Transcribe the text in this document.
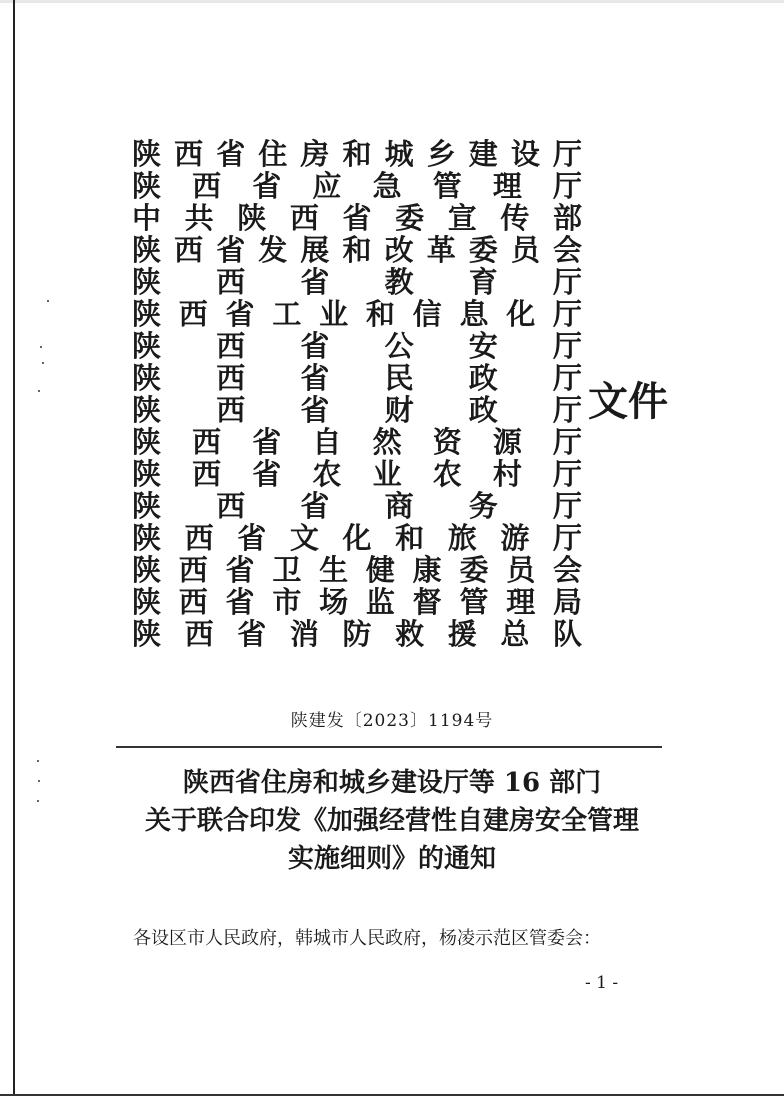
陕 西 省 住 房 和 城 乡 建 设 厅
陕 西 省 应 急 管 理 厅
中 共 陕 西 省 委 宣 传 部
陕 西 省 发 展 和 改 革 委 员 会
陕 西 省 教 育 厅
陕 西 省 工 业 和 信 息 化 厅
陕 西 省 公 安 厅
陕 西 省 民 政 厅
陕 西 省 财 政 厅
陕 西 省 自 然 资 源 厅
陕 西 省 农 业 农 村 厅
陕 西 省 商 务 厅
陕 西 省 文 化 和 旅 游 厅
陕 西 省 卫 生 健 康 委 员 会
陕 西 省 市 场 监 督 管 理 局
陕 西 省 消 防 救 援 总 队
文件
陕建发〔2023〕1194号
陕西省住房和城乡建设厅等 16 部门
关于联合印发《加强经营性自建房安全管理
实施细则》的通知
各设区市人民政府，韩城市人民政府，杨凌示范区管委会：
- 1 -
